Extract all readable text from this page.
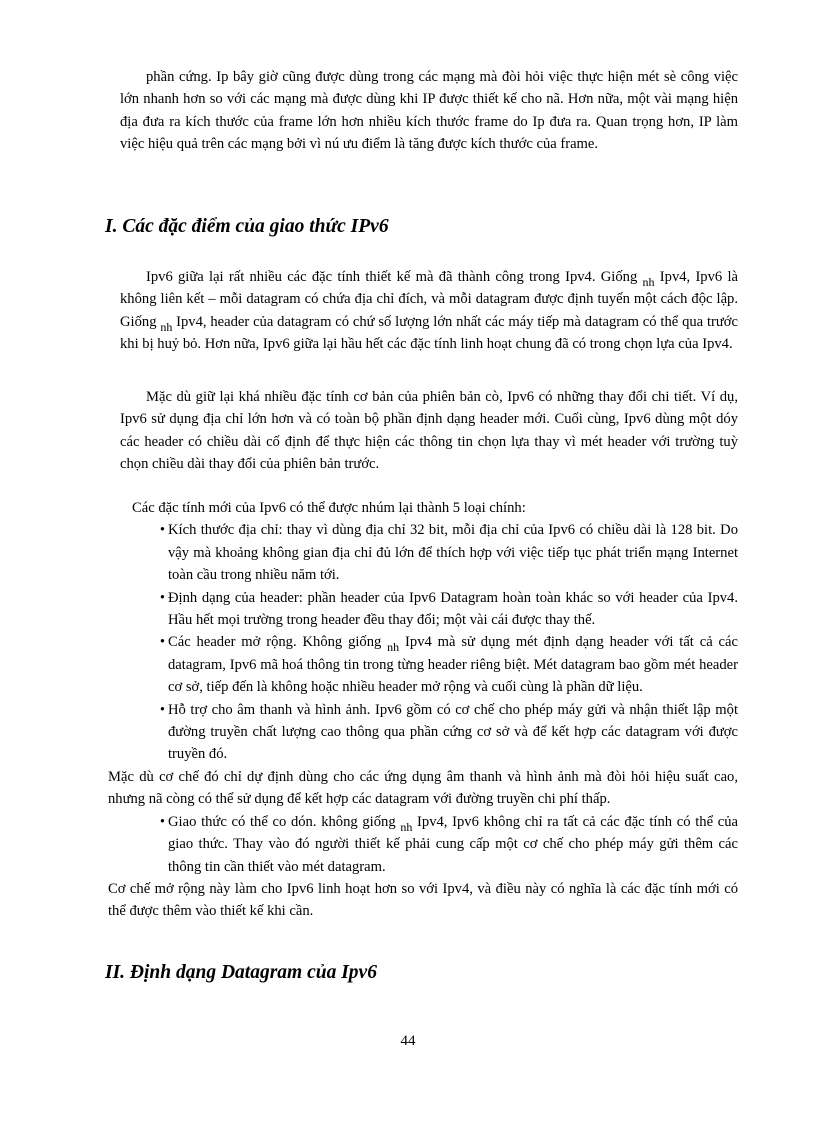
phần cứng. Ip bây giờ cũng được dùng trong các mạng mà đòi hỏi việc thực hiện mét sè công việc lớn nhanh hơn so với các mạng mà được dùng khi IP được thiết kế cho nã. Hơn nữa, một vài mạng hiện địa đưa ra kích thước của frame lớn hơn nhiều kích thước frame do Ip đưa ra. Quan trọng hơn, IP làm việc hiệu quả trên các mạng bởi vì nú ưu điểm là tăng được kích thước của frame.

I. Các đặc điểm của giao thức IPv6

Ipv6 giữa lại rất nhiều các đặc tính thiết kế mà đã thành công trong Ipv4. Giống $_{nh}$ Ipv4, Ipv6 là không liên kết – mỗi datagram có chứa địa chỉ đích, và mỗi datagram được định tuyến một cách độc lập. Giống $_{nh}$ Ipv4, header của datagram có chứ số lượng lớn nhất các máy tiếp mà datagram có thể qua trước khi bị huỷ bỏ. Hơn nữa, Ipv6 giữa lại hầu hết các đặc tính linh hoạt chung đã có trong chọn lựa của Ipv4.

Mặc dù giữ lại khá nhiều đặc tính cơ bản của phiên bản cò, Ipv6 có những thay đổi chi tiết. Ví dụ, Ipv6 sử dụng địa chỉ lớn hơn và có toàn bộ phần định dạng header mới. Cuối cùng, Ipv6 dùng một dóy các header có chiều dài cố định để thực hiện các thông tin chọn lựa thay vì mét header với trường tuỳ chọn chiều dài thay đổi của phiên bản trước.

Các đặc tính mới của Ipv6 có thể được nhúm lại thành 5 loại chính:
• Kích thước địa chỉ: thay vì dùng địa chỉ 32 bit, mỗi địa chỉ của Ipv6 có chiều dài là 128 bit. Do vậy mà khoảng không gian địa chỉ đủ lớn để thích hợp với việc tiếp tục phát triển mạng Internet toàn cầu trong nhiều năm tới.
• Định dạng của header: phần header của Ipv6 Datagram hoàn toàn khác so với header của Ipv4. Hầu hết mọi trường trong header đều thay đổi; một vài cái được thay thế.
• Các header mở rộng. Không giống $_{nh}$ Ipv4 mà sử dụng mét định dạng header với tất cả các datagram, Ipv6 mã hoá thông tin trong từng header riêng biệt. Mét datagram bao gồm mét header cơ sở, tiếp đến là không hoặc nhiều header mở rộng và cuối cùng là phần dữ liệu.
• Hỗ trợ cho âm thanh và hình ảnh. Ipv6 gồm có cơ chế cho phép máy gửi và nhận thiết lập một đường truyền chất lượng cao thông qua phần cứng cơ sở và để kết hợp các datagram với được truyền đó.
Mặc dù cơ chế đó chỉ dự định dùng cho các ứng dụng âm thanh và hình ảnh mà đòi hỏi hiệu suất cao, nhưng nã còng có thể sử dụng để kết hợp các datagram với đường truyền chi phí thấp.
• Giao thức có thể co dón. không giống $_{nh}$ Ipv4, Ipv6 không chỉ ra tất cả các đặc tính có thể của giao thức. Thay vào đó người thiết kế phải cung cấp một cơ chế cho phép máy gửi thêm các thông tin cần thiết vào mét datagram.
Cơ chế mở rộng này làm cho Ipv6 linh hoạt hơn so với Ipv4, và điều này có nghĩa là các đặc tính mới có thể được thêm vào thiết kế khi cần.
II. Định dạng Datagram của Ipv6
44
